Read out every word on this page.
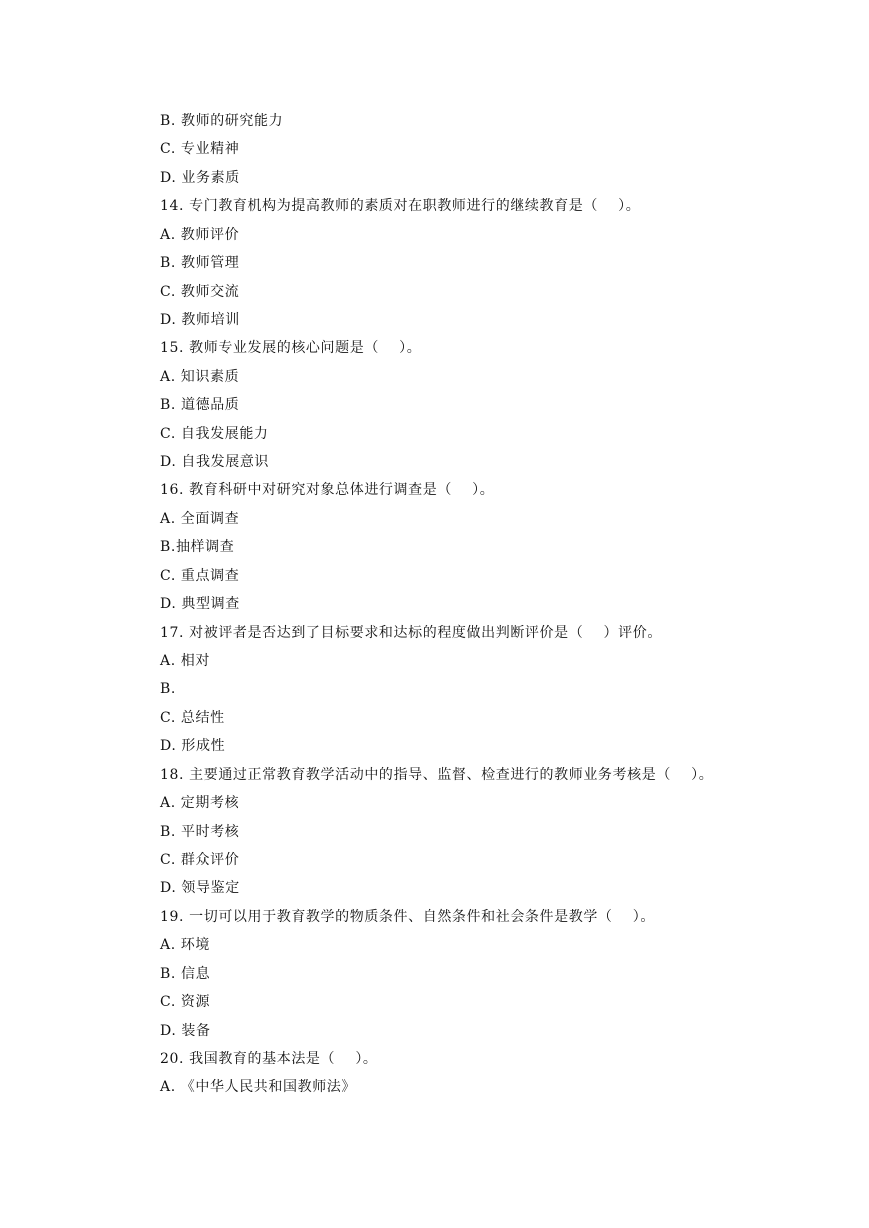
B. 教师的研究能力
C. 专业精神
D. 业务素质
14. 专门教育机构为提高教师的素质对在职教师进行的继续教育是（    ）。
A. 教师评价
B. 教师管理
C. 教师交流
D. 教师培训
15. 教师专业发展的核心问题是（    ）。
A. 知识素质
B. 道德品质
C. 自我发展能力
D. 自我发展意识
16. 教育科研中对研究对象总体进行调查是（    ）。
A. 全面调查
B.抽样调查
C. 重点调查
D. 典型调查
17. 对被评者是否达到了目标要求和达标的程度做出判断评价是（    ）评价。
A. 相对
B.
C. 总结性
D. 形成性
18. 主要通过正常教育教学活动中的指导、监督、检查进行的教师业务考核是（    ）。
A. 定期考核
B. 平时考核
C. 群众评价
D. 领导鉴定
19. 一切可以用于教育教学的物质条件、自然条件和社会条件是教学（    ）。
A. 环境
B. 信息
C. 资源
D. 装备
20. 我国教育的基本法是（    ）。
A. 《中华人民共和国教师法》
